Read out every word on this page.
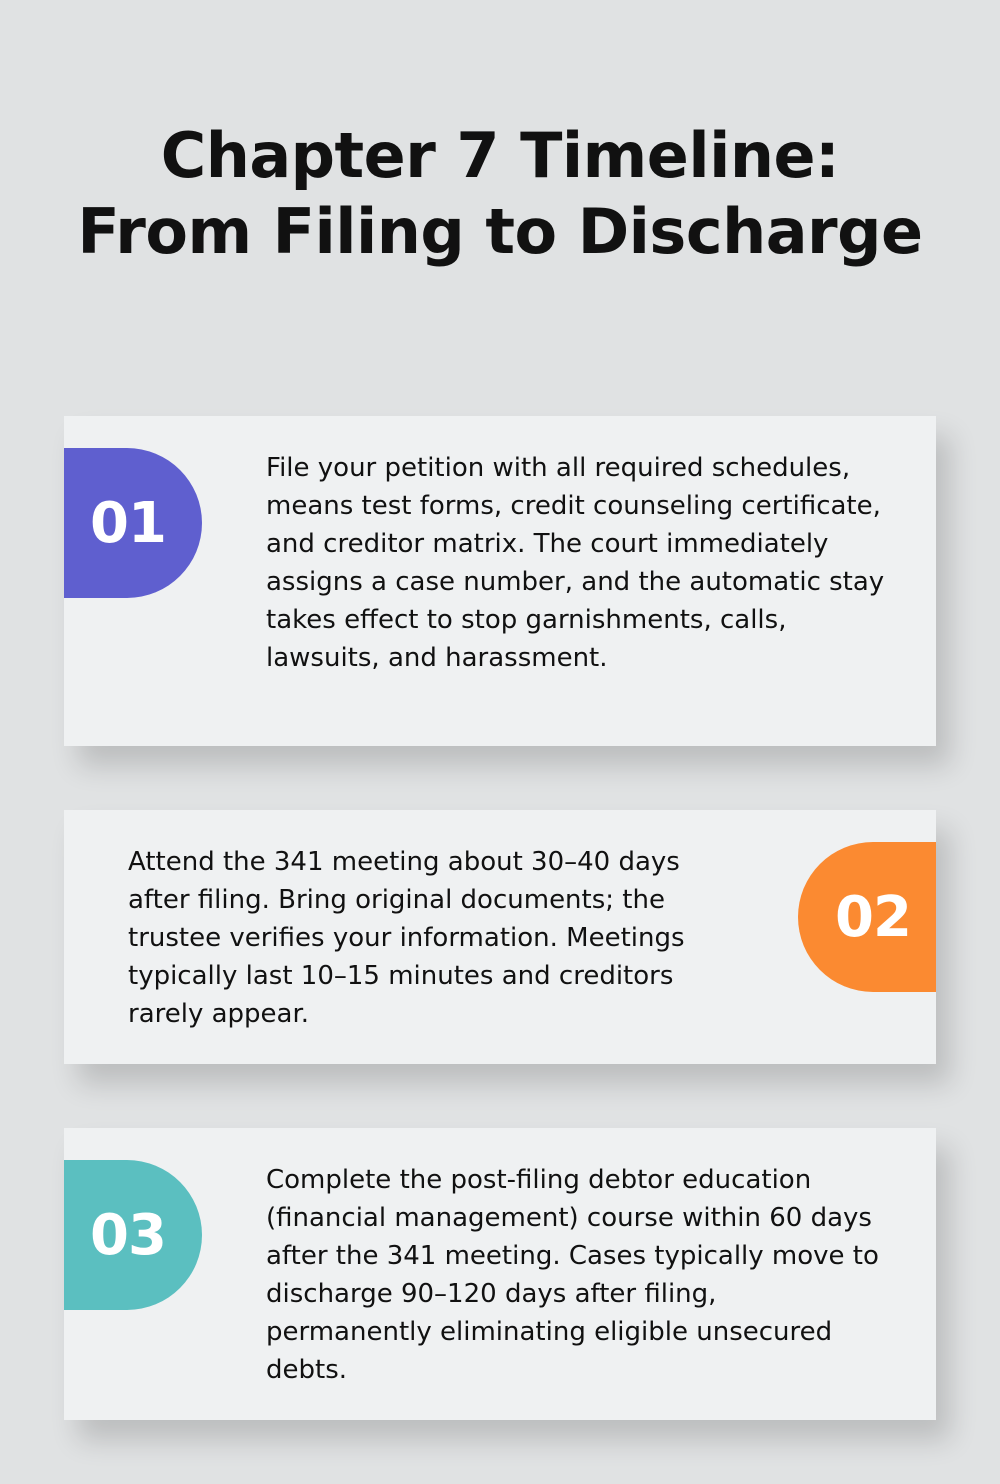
Chapter 7 Timeline:
From Filing to Discharge
01
File your petition with all required schedules, means test forms, credit counseling certificate, and creditor matrix. The court immediately assigns a case number, and the automatic stay takes effect to stop garnishments, calls, lawsuits, and harassment.
Attend the 341 meeting about 30–40 days after filing. Bring original documents; the trustee verifies your information. Meetings typically last 10–15 minutes and creditors rarely appear.
02
03
Complete the post-filing debtor education (financial management) course within 60 days after the 341 meeting. Cases typically move to discharge 90–120 days after filing, permanently eliminating eligible unsecured debts.
